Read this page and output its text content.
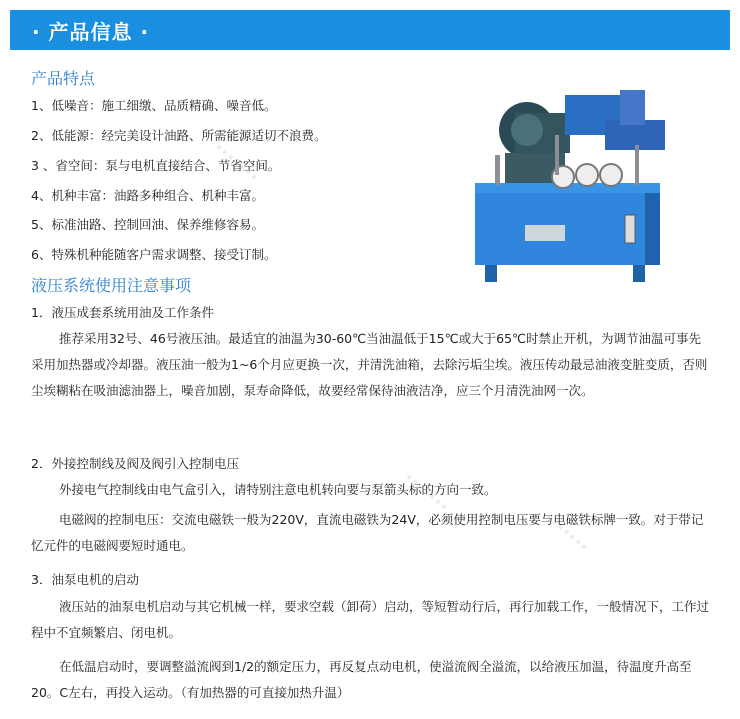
· 产品信息 ·
产品特点
1、低噪音：施工细缴、品质精确、噪音低。
2、低能源：经完美设计油路、所需能源适切不浪费。
3 、省空间：泵与电机直接结合、节省空间。
4、机种丰富：油路多种组合、机种丰富。
5、标准油路、控制回油、保养维修容易。
6、特殊机种能随客户需求调整、接受订制。
液压系统使用注意事项
1．液压成套系统用油及工作条件
推荐采用32号、46号液压油。最适宜的油温为30-60℃当油温低于15℃或大于65℃时禁止开机，为调节油温可事先采用加热器或冷却器。液压油一般为1~6个月应更换一次，并清洗油箱，去除污垢尘埃。液压传动最忌油液变脏变质，否则尘埃糊粘在吸油滤油器上，噪音加剧，泵寿命降低，故要经常保待油液洁净，应三个月清洗油网一次。
2．外接控制线及阀及阀引入控制电压
外接电气控制线由电气盒引入，请特别注意电机转向要与泵箭头标的方向一致。
电磁阀的控制电压：交流电磁铁一般为220V，直流电磁铁为24V，必须使用控制电压要与电磁铁标牌一致。对于带记忆元件的电磁阀要短时通电。
3．油泵电机的启动
液压站的油泵电机启动与其它机械一样，要求空载（卸荷）启动，等短暂动行后，再行加载工作，一般情况下，工作过程中不宜频繁启、闭电机。
在低温启动时，要调整溢流阀到1/2的额定压力，再反复点动电机，使溢流阀全溢流，以给液压加温，待温度升高至20。C左右，再投入运动。（有加热器的可直接加热升温）
·······
·······
·······
